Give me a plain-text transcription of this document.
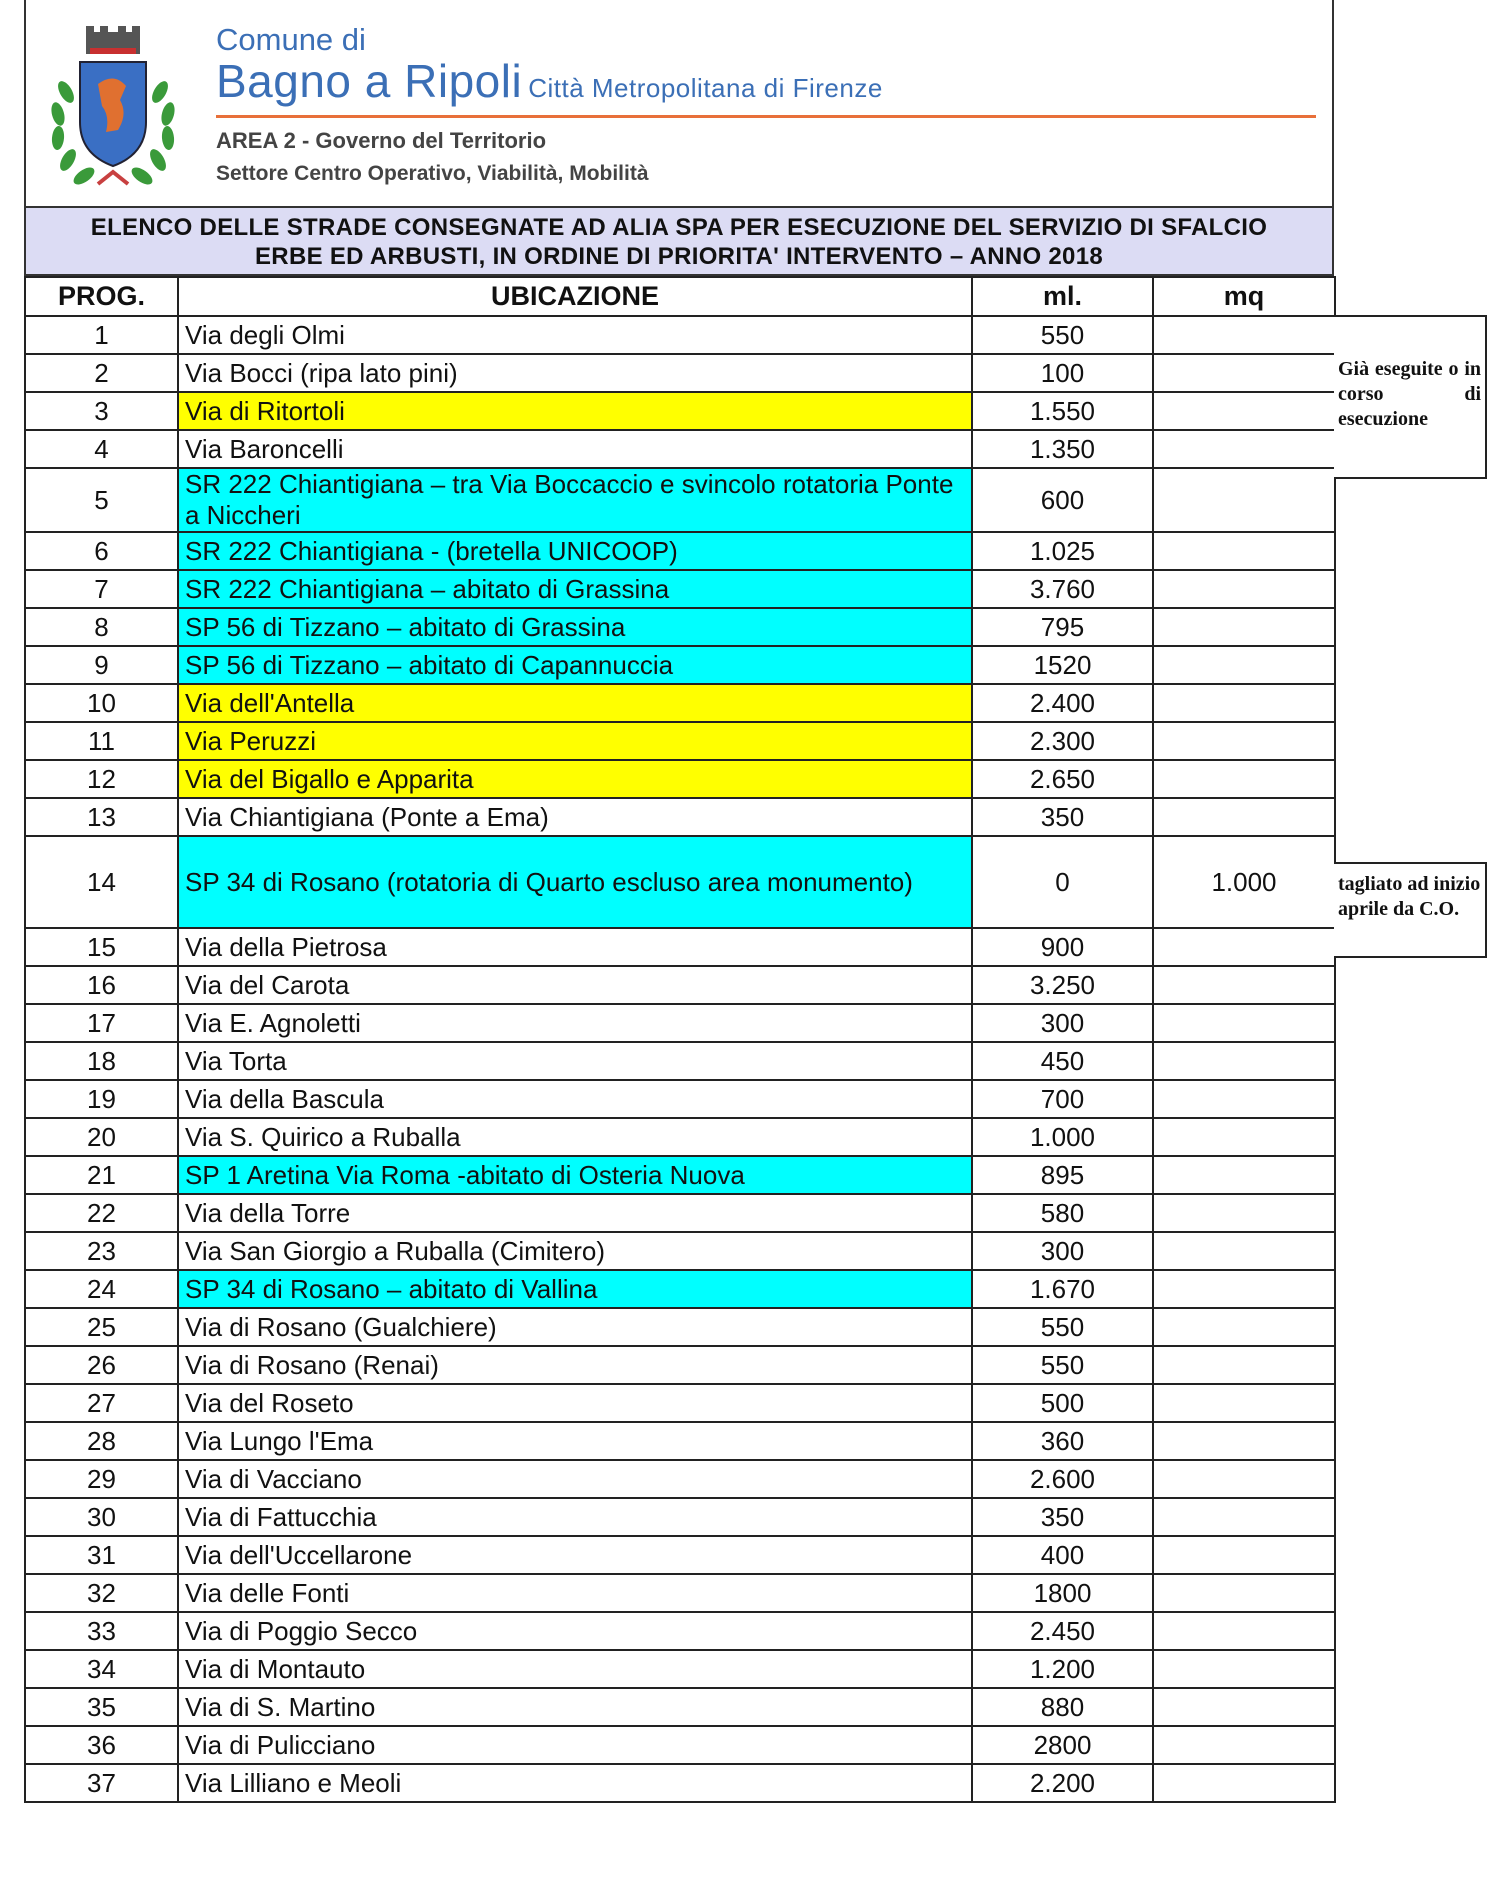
Comune di
Bagno a Ripoli Città Metropolitana di Firenze
AREA 2 - Governo del Territorio
Settore Centro Operativo, Viabilità, Mobilità
ELENCO DELLE STRADE CONSEGNATE AD ALIA SPA PER ESECUZIONE DEL SERVIZIO DI SFALCIO
ERBE ED ARBUSTI, IN ORDINE DI PRIORITA' INTERVENTO – ANNO 2018
PROG.	UBICAZIONE	ml.	mq
1	Via degli Olmi	550	
2	Via Bocci (ripa lato pini)	100	
3	Via di Ritortoli	1.550	
4	Via Baroncelli	1.350	
5	SR 222 Chiantigiana – tra Via Boccaccio e svincolo rotatoria Ponte a Niccheri	600	
6	SR 222 Chiantigiana - (bretella UNICOOP)	1.025	
7	SR 222 Chiantigiana – abitato di Grassina	3.760	
8	SP 56 di Tizzano – abitato di Grassina	795	
9	SP 56 di Tizzano – abitato di Capannuccia	1520	
10	Via dell'Antella	2.400	
11	Via Peruzzi	2.300	
12	Via del Bigallo e Apparita	2.650	
13	Via Chiantigiana (Ponte a Ema)	350	
14	SP 34 di Rosano (rotatoria di Quarto escluso area monumento)	0	1.000
15	Via della Pietrosa	900	
16	Via del Carota	3.250	
17	Via E. Agnoletti	300	
18	Via Torta	450	
19	Via della Bascula	700	
20	Via S. Quirico a Ruballa	1.000	
21	SP 1 Aretina Via Roma -abitato di Osteria Nuova	895	
22	Via della Torre	580	
23	Via San Giorgio a Ruballa (Cimitero)	300	
24	SP 34 di Rosano – abitato di Vallina	1.670	
25	Via di Rosano (Gualchiere)	550	
26	Via di Rosano (Renai)	550	
27	Via del Roseto	500	
28	Via Lungo l'Ema	360	
29	Via di Vacciano	2.600	
30	Via di Fattucchia	350	
31	Via dell'Uccellarone	400	
32	Via delle Fonti	1800	
33	Via di Poggio Secco	2.450	
34	Via di Montauto	1.200	
35	Via di S. Martino	880	
36	Via di Pulicciano	2800	
37	Via Lilliano e Meoli	2.200	
Già eseguite o in corso di esecuzione
tagliato ad inizio aprile da C.O.
